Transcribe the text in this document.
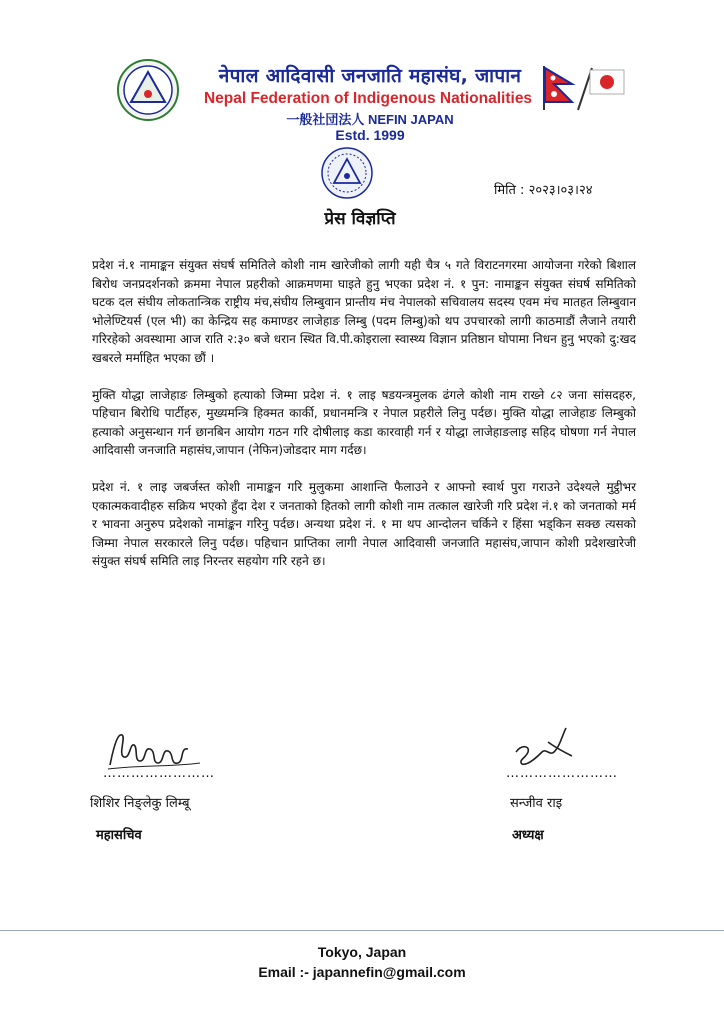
नेपाल आदिवासी जनजाति महासंघ, जापान
Nepal Federation of Indigenous Nationalities
一般社団法人 NEFIN JAPAN
Estd. 1999
मिति : २०२३।०३।२४
प्रेस विज्ञप्ति

प्रदेश नं.१ नामाङ्कन संयुक्त संघर्ष समितिले कोशी नाम खारेजीको लागी यही चैत्र ५ गते विराटनगरमा आयोजना गरेको बिशाल बिरोध जनप्रदर्शनको क्रममा नेपाल प्रहरीको आक्रमणमा घाइते हुनु भएका प्रदेश नं. १ पुन: नामाङ्कन संयुक्त संघर्ष समितिको घटक दल संघीय लोकतान्त्रिक राष्ट्रीय मंच,संघीय लिम्बुवान प्रान्तीय मंच नेपालको सचिवालय सदस्य एवम मंच मातहत लिम्बुवान भोलेण्टियर्स (एल भी) का केन्द्रिय सह कमाण्डर लाजेहाङ लिम्बु (पदम लिम्बु)को थप उपचारको लागी काठमाडौं लैजाने तयारी गरिरहेको अवस्थामा आज राति २:३० बजे धरान स्थित वि.पी.कोइराला स्वास्थ्य विज्ञान प्रतिष्ठान घोपामा निधन हुनु भएको दु:खद खबरले मर्माहित भएका छौं ।

मुक्ति योद्धा लाजेहाङ लिम्बुको हत्याको जिम्मा प्रदेश नं. १ लाइ षडयन्त्रमुलक ढंगले कोशी नाम राख्ने ८२ जना सांसदहरु, पहिचान बिरोधि पार्टीहरु, मुख्यमन्त्रि हिक्मत कार्की, प्रधानमन्त्रि र नेपाल प्रहरीले लिनु पर्दछ। मुक्ति योद्धा लाजेहाङ लिम्बुको हत्याको अनुसन्धान गर्न छानबिन आयोग गठन गरि दोषीलाइ कडा कारवाही गर्न र योद्धा लाजेहाङलाइ सहिद घोषणा गर्न नेपाल आदिवासी जनजाति महासंघ,जापान (नेफिन)जोडदार माग गर्दछ।

प्रदेश नं. १ लाइ जबर्जस्त कोशी नामाङ्कन गरि मुलुकमा आशान्ति फैलाउने र आफ्नो स्वार्थ पुरा गराउने उदेश्यले मुट्ठीभर एकात्मकवादीहरु सक्रिय भएको हुँदा देश र जनताको हितको लागी कोशी नाम तत्काल खारेजी गरि प्रदेश नं.१ को जनताको मर्म र भावना अनुरुप प्रदेशको नामांङ्कन गरिनु पर्दछ। अन्यथा प्रदेश नं. १ मा थप आन्दोलन चर्किने र हिंसा भड्किन सक्छ त्यसको जिम्मा नेपाल सरकारले लिनु पर्दछ। पहिचान प्राप्तिका लागी नेपाल आदिवासी जनजाति महासंघ,जापान कोशी प्रदेशखारेजी संयुक्त संघर्ष समिति लाइ निरन्तर सहयोग गरि रहने छ।

……………………	……………………
शिशिर निङ्लेकु लिम्बू	सन्जीव राइ
महासचिव	अध्यक्ष
Tokyo, Japan
Email :- japannefin@gmail.com
